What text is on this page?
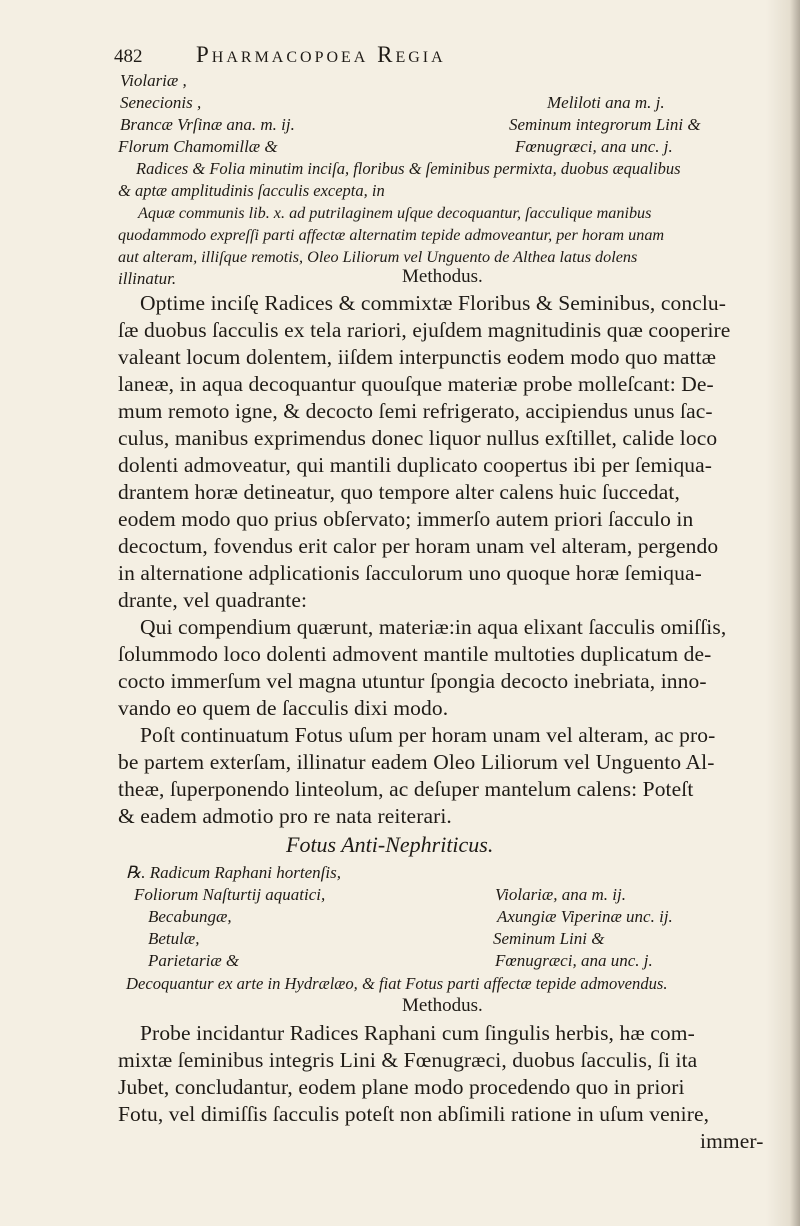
482 Pharmacopoea Regia
Violariæ ,
Senecionis ,	Meliloti ana m. j.
Brancæ Vrſinæ ana. m. ij.	Seminum integrorum Lini &
Florum Chamomillæ &	Fœnugræci, ana unc. j.
Radices & Folia minutim inciſa, floribus & ſeminibus permixta, duobus æqualibus
& aptæ amplitudinis ſacculis excepta, in
Aquæ communis lib. x. ad putrilaginem uſque decoquantur, ſacculique manibus
quodammodo expreſſi parti affectæ alternatim tepide admoveantur, per horam unam
aut alteram, illiſque remotis, Oleo Liliorum vel Unguento de Althea latus dolens
illinatur.	Methodus.
Optime inciſę Radices & commixtæ Floribus & Seminibus, conclu-
ſæ duobus ſacculis ex tela rariori, ejuſdem magnitudinis quæ cooperire
valeant locum dolentem, iiſdem interpunctis eodem modo quo mattæ
laneæ, in aqua decoquantur quouſque materiæ probe molleſcant: De-
mum remoto igne, & decocto ſemi refrigerato, accipiendus unus ſac-
culus, manibus exprimendus donec liquor nullus exſtillet, calide loco
dolenti admoveatur, qui mantili duplicato coopertus ibi per ſemiqua-
drantem horæ detineatur, quo tempore alter calens huic ſuccedat,
eodem modo quo prius obſervato; immerſo autem priori ſacculo in
decoctum, fovendus erit calor per horam unam vel alteram, pergendo
in alternatione adplicationis ſacculorum uno quoque horæ ſemiqua-
drante, vel quadrante:
Qui compendium quærunt, materiæ:in aqua elixant ſacculis omiſſis,
ſolummodo loco dolenti admovent mantile multoties duplicatum de-
cocto immerſum vel magna utuntur ſpongia decocto inebriata, inno-
vando eo quem de ſacculis dixi modo.
Poſt continuatum Fotus uſum per horam unam vel alteram, ac pro-
be partem exterſam, illinatur eadem Oleo Liliorum vel Unguento Al-
theæ, ſuperponendo linteolum, ac deſuper mantelum calens: Poteſt
& eadem admotio pro re nata reiterari.
Fotus Anti-Nephriticus.
℞. Radicum Raphani hortenſis,
Foliorum Naſturtij aquatici,	Violariæ, ana m. ij.
Becabungæ,	Axungiæ Viperinæ unc. ij.
Betulæ,	Seminum Lini &
Parietariæ &	Fœnugræci, ana unc. j.
Decoquantur ex arte in Hydrælæo, & fiat Fotus parti affectæ tepide admovendus.
Methodus.
Probe incidantur Radices Raphani cum ſingulis herbis, hæ com-
mixtæ ſeminibus integris Lini & Fœnugræci, duobus ſacculis, ſi ita
Jubet, concludantur, eodem plane modo procedendo quo in priori
Fotu, vel dimiſſis ſacculis poteſt non abſimili ratione in uſum venire,
immer-
